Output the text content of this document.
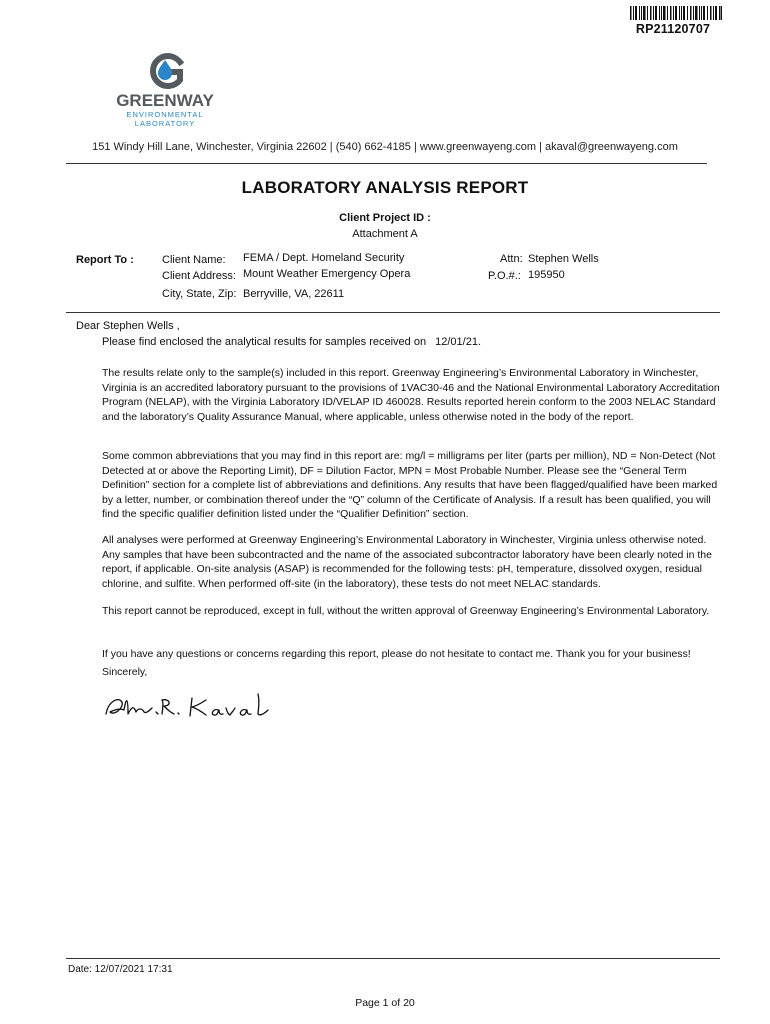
RP21120707
GREENWAY
ENVIRONMENTAL
LABORATORY
151 Windy Hill Lane, Winchester, Virginia 22602 | (540) 662-4185 | www.greenwayeng.com | akaval@greenwayeng.com
LABORATORY ANALYSIS REPORT
Client Project ID :
Attachment A
Report To :	Client Name: FEMA / Dept. Homeland Security
Client Address: Mount Weather Emergency Opera
City, State, Zip: Berryville, VA, 22611
Attn: Stephen Wells
P.O.#.: 195950
Dear Stephen Wells ,
Please find enclosed the analytical results for samples received on 12/01/21.

The results relate only to the sample(s) included in this report. Greenway Engineering’s Environmental Laboratory in Winchester, Virginia is an accredited laboratory pursuant to the provisions of 1VAC30-46 and the National Environmental Laboratory Accreditation Program (NELAP), with the Virginia Laboratory ID/VELAP ID 460028. Results reported herein conform to the 2003 NELAC Standard and the laboratory’s Quality Assurance Manual, where applicable, unless otherwise noted in the body of the report.

Some common abbreviations that you may find in this report are: mg/l = milligrams per liter (parts per million), ND = Non-Detect (Not Detected at or above the Reporting Limit), DF = Dilution Factor, MPN = Most Probable Number. Please see the “General Term Definition” section for a complete list of abbreviations and definitions. Any results that have been flagged/qualified have been marked by a letter, number, or combination thereof under the “Q” column of the Certificate of Analysis. If a result has been qualified, you will find the specific qualifier definition listed under the “Qualifier Definition” section.

All analyses were performed at Greenway Engineering’s Environmental Laboratory in Winchester, Virginia unless otherwise noted. Any samples that have been subcontracted and the name of the associated subcontractor laboratory have been clearly noted in the report, if applicable. On-site analysis (ASAP) is recommended for the following tests: pH, temperature, dissolved oxygen, residual chlorine, and sulfite. When performed off-site (in the laboratory), these tests do not meet NELAC standards.

This report cannot be reproduced, except in full, without the written approval of Greenway Engineering’s Environmental Laboratory.

If you have any questions or concerns regarding this report, please do not hesitate to contact me. Thank you for your business!

Sincerely,
Date: 12/07/2021 17:31
Page 1 of 20
